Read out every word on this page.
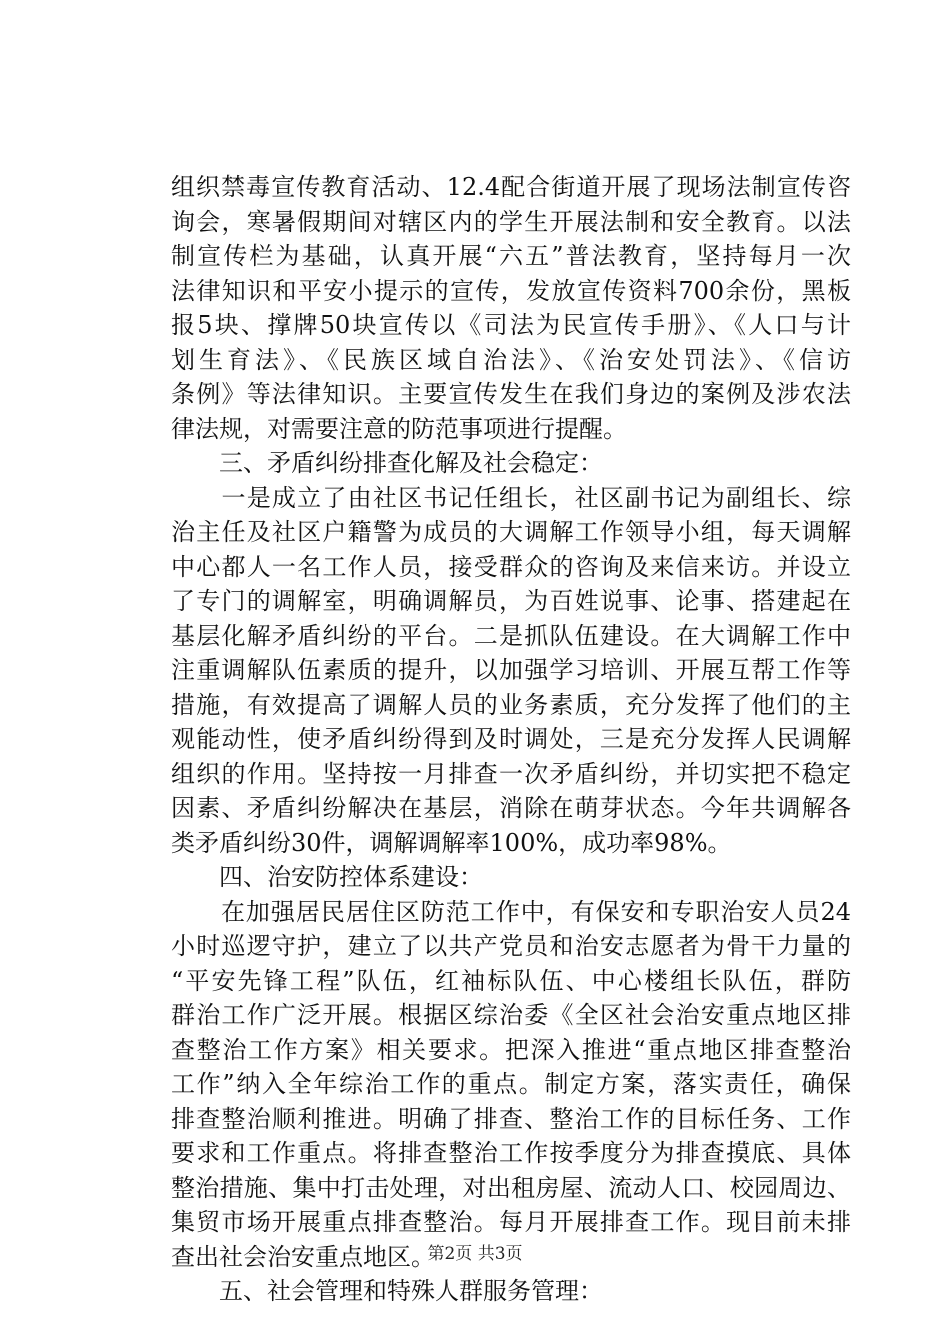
组织禁毒宣传教育活动、12.4配合街道开展了现场法制宣传咨
询会，寒暑假期间对辖区内的学生开展法制和安全教育。以法
制宣传栏为基础，认真开展“六五”普法教育，坚持每月一次
法律知识和平安小提示的宣传，发放宣传资料700余份，黑板
报5块、撑牌50块宣传以《司法为民宣传手册》、《人口与计
划生育法》、《民族区域自治法》、《治安处罚法》、《信访
条例》等法律知识。主要宣传发生在我们身边的案例及涉农法
律法规，对需要注意的防范事项进行提醒。
　　三、矛盾纠纷排查化解及社会稳定：
　　一是成立了由社区书记任组长，社区副书记为副组长、综
治主任及社区户籍警为成员的大调解工作领导小组，每天调解
中心都人一名工作人员，接受群众的咨询及来信来访。并设立
了专门的调解室，明确调解员，为百姓说事、论事、搭建起在
基层化解矛盾纠纷的平台。二是抓队伍建设。在大调解工作中
注重调解队伍素质的提升，以加强学习培训、开展互帮工作等
措施，有效提高了调解人员的业务素质，充分发挥了他们的主
观能动性，使矛盾纠纷得到及时调处，三是充分发挥人民调解
组织的作用。坚持按一月排查一次矛盾纠纷，并切实把不稳定
因素、矛盾纠纷解决在基层，消除在萌芽状态。今年共调解各
类矛盾纠纷30件，调解调解率100%，成功率98%。
　　四、治安防控体系建设：
　　在加强居民居住区防范工作中，有保安和专职治安人员24
小时巡逻守护，建立了以共产党员和治安志愿者为骨干力量的
“平安先锋工程”队伍，红袖标队伍、中心楼组长队伍，群防
群治工作广泛开展。根据区综治委《全区社会治安重点地区排
查整治工作方案》相关要求。把深入推进“重点地区排查整治
工作”纳入全年综治工作的重点。制定方案，落实责任，确保
排查整治顺利推进。明确了排查、整治工作的目标任务、工作
要求和工作重点。将排查整治工作按季度分为排查摸底、具体
整治措施、集中打击处理，对出租房屋、流动人口、校园周边、
集贸市场开展重点排查整治。每月开展排查工作。现目前未排
查出社会治安重点地区。
　　五、社会管理和特殊人群服务管理：
第2页 共3页
